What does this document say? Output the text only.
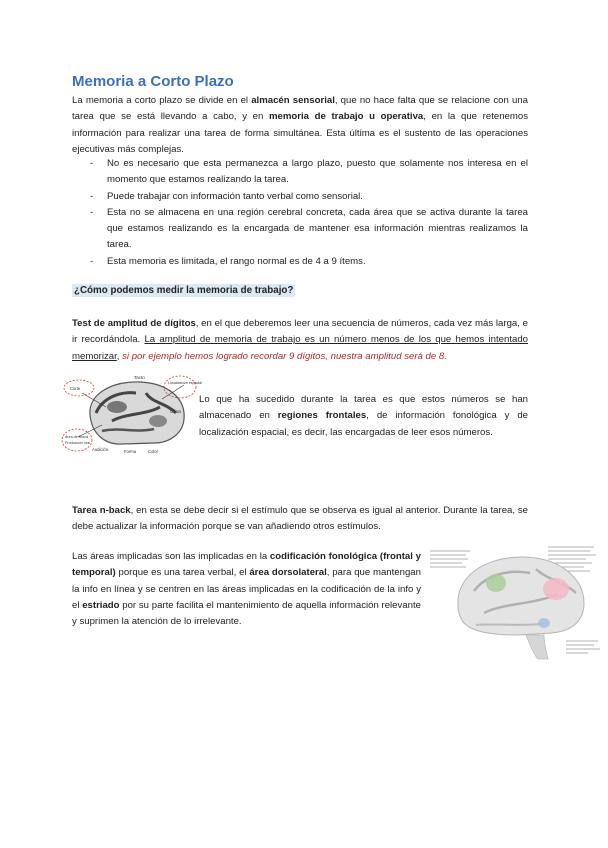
Memoria a Corto Plazo

La memoria a corto plazo se divide en el almacén sensorial, que no hace falta que se relacione con una tarea que se está llevando a cabo, y en memoria de trabajo u operativa, en la que retenemos información para realizar una tarea de forma simultánea. Esta última es el sustento de las operaciones ejecutivas más complejas.

- No es necesario que esta permanezca a largo plazo, puesto que solamente nos interesa en el momento que estamos realizando la tarea.
- Puede trabajar con información tanto verbal como sensorial.
- Esta no se almacena en una región cerebral concreta, cada área que se activa durante la tarea que estamos realizando es la encargada de mantener esa información mientras realizamos la tarea.
- Esta memoria es limitada, el rango normal es de 4 a 9 ítems.

¿Cómo podemos medir la memoria de trabajo?

Test de amplitud de dígitos, en el que deberemos leer una secuencia de números, cada vez más larga, e ir recordándola. La amplitud de memoria de trabajo es un número menos de los que hemos intentado memorizar, si por ejemplo hemos logrado recordar 9 dígitos, nuestra amplitud será de 8.

Tacto
Localización espacial
Olfato
Corte
Audición	Forma	Color
Área de Broca
Producción oral

Lo que ha sucedido durante la tarea es que estos números se han almacenado en regiones frontales, de información fonológica y de localización espacial, es decir, las encargadas de leer esos números.

Tarea n-back, en esta se debe decir si el estímulo que se observa es igual al anterior. Durante la tarea, se debe actualizar la información porque se van añadiendo otros estímulos.

Las áreas implicadas son las implicadas en la codificación fonológica (frontal y temporal) porque es una tarea verbal, el área dorsolateral, para que mantengan la info en línea y se centren en las áreas implicadas en la codificación de la info y el estriado por su parte facilita el mantenimiento de aquella información relevante y suprimen la atención de lo irrelevante.
